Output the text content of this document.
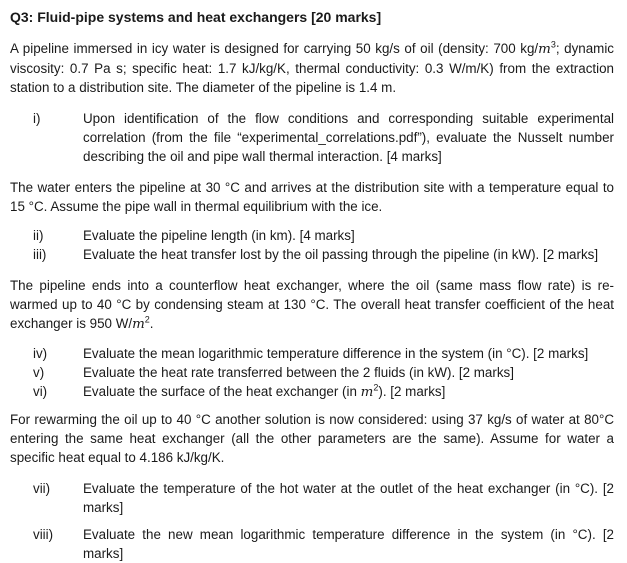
Q3: Fluid-pipe systems and heat exchangers [20 marks]

A pipeline immersed in icy water is designed for carrying 50 kg/s of oil (density: 700 $kg/m^3$; dynamic viscosity: 0.7 Pa s; specific heat: 1.7 kJ/kg/K, thermal conductivity: 0.3 W/m/K) from the extraction station to a distribution site. The diameter of the pipeline is 1.4 m.

i)	Upon identification of the flow conditions and corresponding suitable experimental correlation (from the file “experimental_correlations.pdf”), evaluate the Nusselt number describing the oil and pipe wall thermal interaction. [4 marks]

The water enters the pipeline at 30 °C and arrives at the distribution site with a temperature equal to 15 °C. Assume the pipe wall in thermal equilibrium with the ice.

ii)	Evaluate the pipeline length (in km). [4 marks]
iii)	Evaluate the heat transfer lost by the oil passing through the pipeline (in kW). [2 marks]

The pipeline ends into a counterflow heat exchanger, where the oil (same mass flow rate) is re-warmed up to 40 °C by condensing steam at 130 °C. The overall heat transfer coefficient of the heat exchanger is 950 $W/m^2$.

iv)	Evaluate the mean logarithmic temperature difference in the system (in °C). [2 marks]
v)	Evaluate the heat rate transferred between the 2 fluids (in kW). [2 marks]
vi)	Evaluate the surface of the heat exchanger (in $m^2$). [2 marks]

For rewarming the oil up to 40 °C another solution is now considered: using 37 kg/s of water at 80°C entering the same heat exchanger (all the other parameters are the same). Assume for water a specific heat equal to 4.186 kJ/kg/K.

vii)	Evaluate the temperature of the hot water at the outlet of the heat exchanger (in °C). [2 marks]
viii)	Evaluate the new mean logarithmic temperature difference in the system (in °C). [2 marks]
